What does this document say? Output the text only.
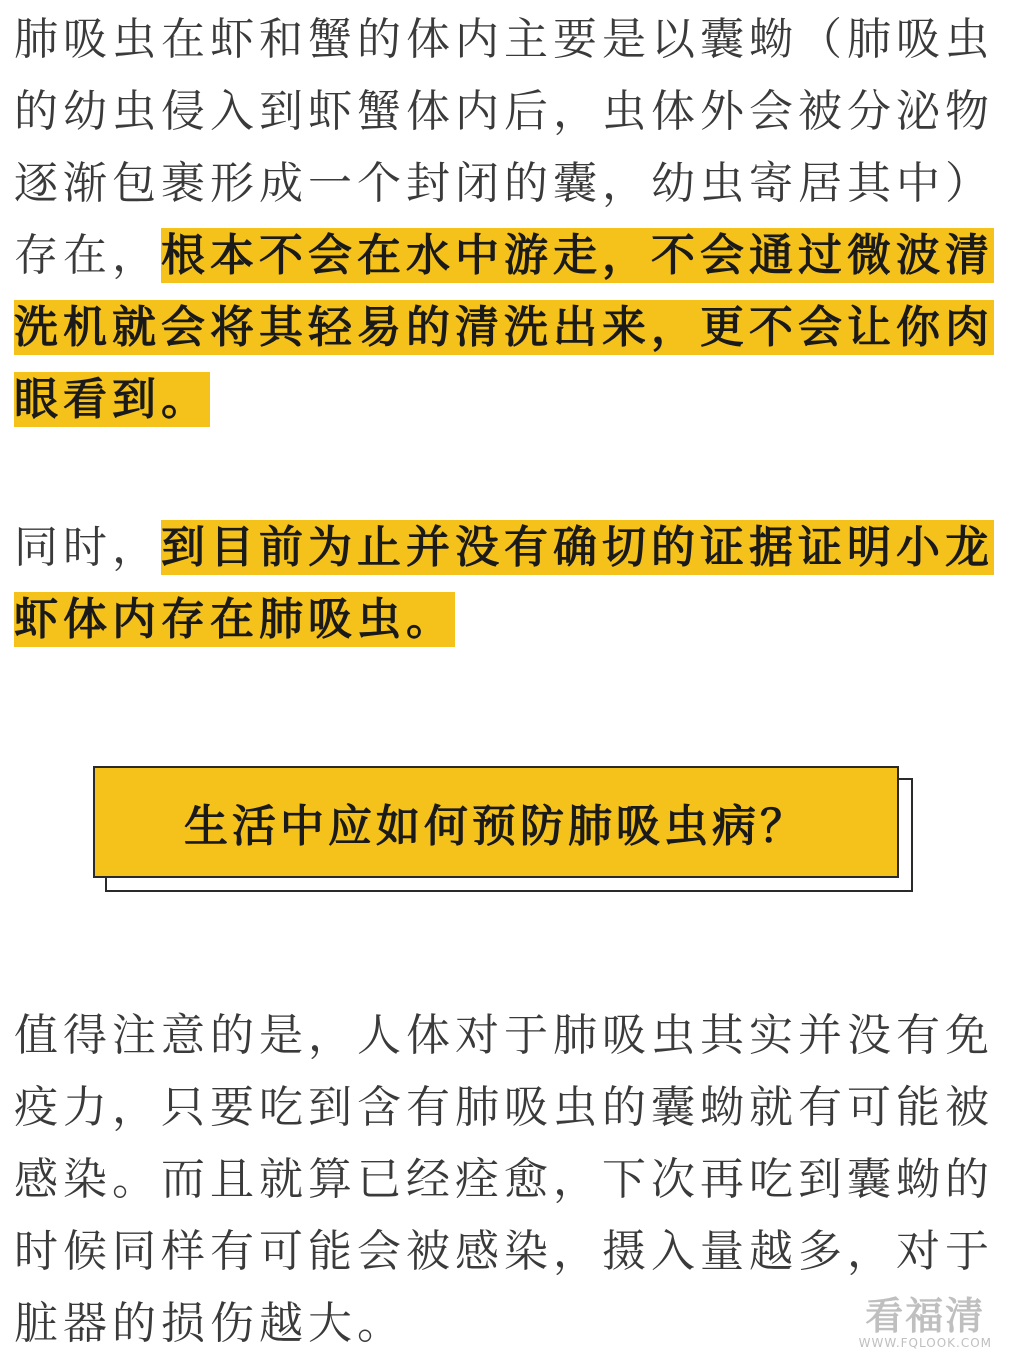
肺吸虫在虾和蟹的体内主要是以囊蚴（肺吸虫
的幼虫侵入到虾蟹体内后，虫体外会被分泌物
逐渐包裹形成一个封闭的囊，幼虫寄居其中）
存在，根本不会在水中游走，不会通过微波清
洗机就会将其轻易的清洗出来，更不会让你肉
眼看到。
同时，到目前为止并没有确切的证据证明小龙
虾体内存在肺吸虫。
生活中应如何预防肺吸虫病？
值得注意的是，人体对于肺吸虫其实并没有免
疫力，只要吃到含有肺吸虫的囊蚴就有可能被
感染。而且就算已经痊愈，下次再吃到囊蚴的
时候同样有可能会被感染，摄入量越多，对于
脏器的损伤越大。	看福清
WWW.FQLOOK.COM
